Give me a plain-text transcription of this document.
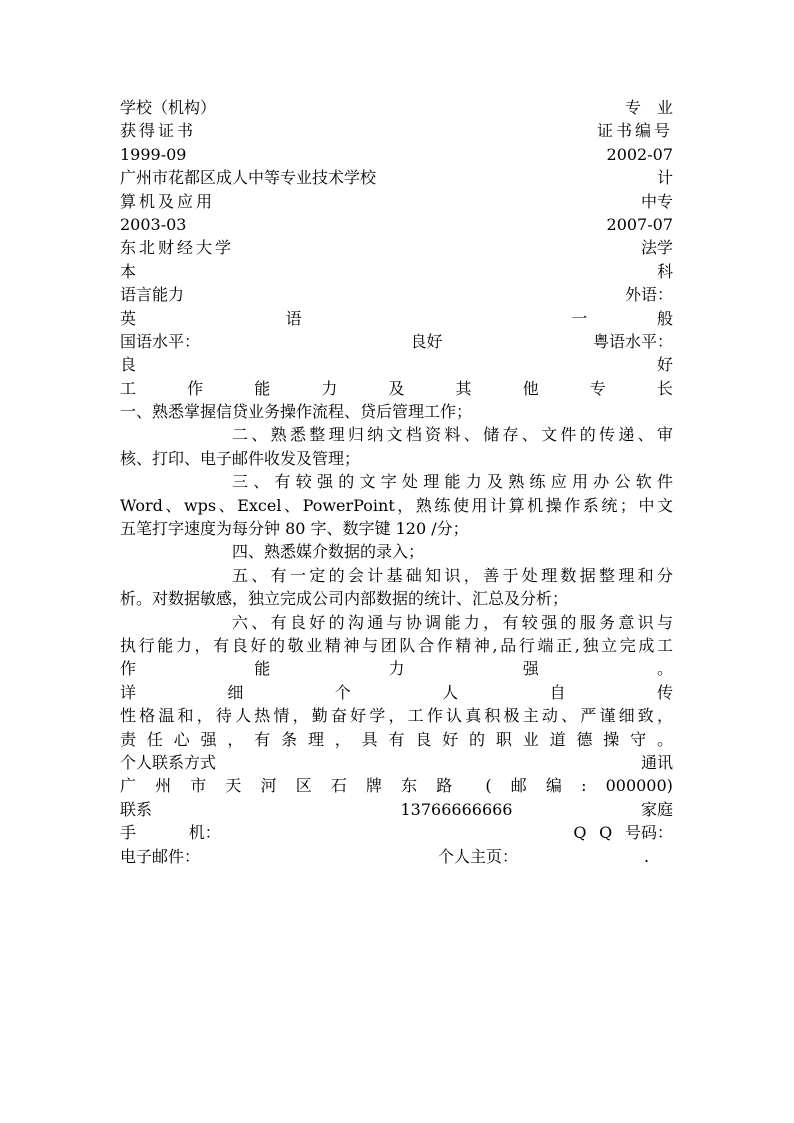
学校（机构）	专　业
获得证书	证书编号
1999-09	2002-07
广州市花都区成人中等专业技术学校	计
算机及应用	中专
2003-03	2007-07
东北财经大学	法学
本	科
语言能力	外语：
英	语	一	般
国语水平：	良好	粤语水平：
良	好
工	作	能	力	及	其	他	专	长
一、熟悉掌握信贷业务操作流程、贷后管理工作；
二、熟悉整理归纳文档资料、储存、文件的传递、审
核、打印、电子邮件收发及管理；
三、有较强的文字处理能力及熟练应用办公软件
Word、wps、Excel、PowerPoint，熟练使用计算机操作系统；中文
五笔打字速度为每分钟 80 字、数字键 120 /分；
四、熟悉媒介数据的录入；
五、有一定的会计基础知识，善于处理数据整理和分
析。对数据敏感，独立完成公司内部数据的统计、汇总及分析；
六、有良好的沟通与协调能力，有较强的服务意识与
执行能力，有良好的敬业精神与团队合作精神,品行端正,独立完成工
作	能	力	强	。
详	细	个	人	自	传
性格温和，待人热情，勤奋好学，工作认真积极主动、严谨细致，
责任心强，有条理，具有良好的职业道德操守。
个人联系方式	通讯
广 州 市 天 河 区 石 牌 东 路 ( 邮 编 : 000000)
联系	13766666666	家庭
手	机：	Q Q 号码：
电子邮件：	个人主页：	.
